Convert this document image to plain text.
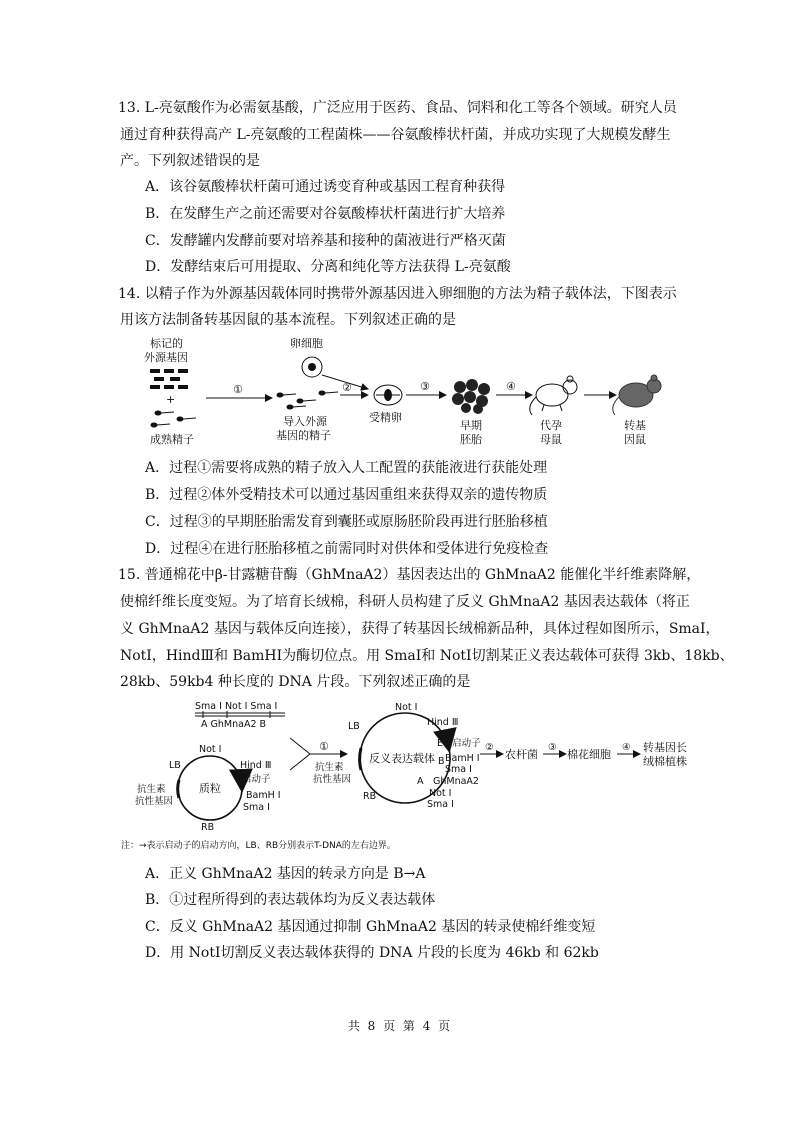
13. L-亮氨酸作为必需氨基酸，广泛应用于医药、食品、饲料和化工等各个领域。研究人员
通过育种获得高产 L-亮氨酸的工程菌株——谷氨酸棒状杆菌，并成功实现了大规模发酵生
产。下列叙述错误的是
A．该谷氨酸棒状杆菌可通过诱变育种或基因工程育种获得
B．在发酵生产之前还需要对谷氨酸棒状杆菌进行扩大培养
C．发酵罐内发酵前要对培养基和接种的菌液进行严格灭菌
D．发酵结束后可用提取、分离和纯化等方法获得 L-亮氨酸
14. 以精子作为外源基因载体同时携带外源基因进入卵细胞的方法为精子载体法，下图表示
用该方法制备转基因鼠的基本流程。下列叙述正确的是
标记的
外源基因
+
成熟精子
①
导入外源
基因的精子
卵细胞
②
受精卵
③
早期
胚胎
④
代孕
母鼠
转基
因鼠
A．过程①需要将成熟的精子放入人工配置的获能液进行获能处理
B．过程②体外受精技术可以通过基因重组来获得双亲的遗传物质
C．过程③的早期胚胎需发育到囊胚或原肠胚阶段再进行胚胎移植
D．过程④在进行胚胎移植之前需同时对供体和受体进行免疫检查
15. 普通棉花中β-甘露糖苷酶（GhMnaA2）基因表达出的 GhMnaA2 能催化半纤维素降解，
使棉纤维长度变短。为了培育长绒棉，科研人员构建了反义 GhMnaA2 基因表达载体（将正
义 GhMnaA2 基因与载体反向连接），获得了转基因长绒棉新品种，具体过程如图所示，SmaI，
NotI，HindⅢ和 BamHI为酶切位点。用 SmaI和 NotI切割某正义表达载体可获得 3kb、18kb、
28kb、59kb4 种长度的 DNA 片段。下列叙述正确的是
Sma I Not I Sma I
A GhMnaA2 B
质粒
Not I
LB	Hind Ⅲ
启动子
BamH I
Sma I
RB
抗生素
抗性基因
①
反义表达载体
Not I
LB	Hind Ⅲ
E6 启动子
BamH I
B
Sma I
GhMnaA2
A
Not I
Sma I
RB
抗生素
抗性基因
②
农杆菌
③
棉花细胞
④ 转基因长
绒棉植株
注：→表示启动子的启动方向，LB、RB分别表示T-DNA的左右边界。
A．正义 GhMnaA2 基因的转录方向是 B→A
B．①过程所得到的表达载体均为反义表达载体
C．反义 GhMnaA2 基因通过抑制 GhMnaA2 基因的转录使棉纤维变短
D．用 NotI切割反义表达载体获得的 DNA 片段的长度为 46kb 和 62kb
共 8 页 第 4 页
